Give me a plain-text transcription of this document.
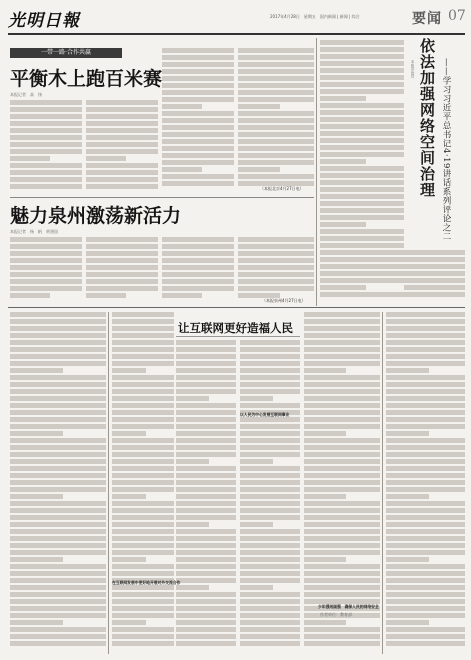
光明日報	2017年4月28日　星期五　国内新闻 | 新闻 | 综合	要闻 07
一带一路·合作共赢
平衡木上跑百米赛
本报记者　高　扬
（本报北京4月27日电）
魅力泉州激荡新活力
本报记者　杨　帆　黄建国
（本报泉州4月27日电）
本报评论员 依法加强网络空间治理 ——学习习近平总书记4·19讲话系列评论之二
让互联网更好造福人民
在互联网发展中更好地开展对外交流合作
以人民为中心发展互联网事业
少年强则国强　确保人民的网络安全
作者单位：教育部
